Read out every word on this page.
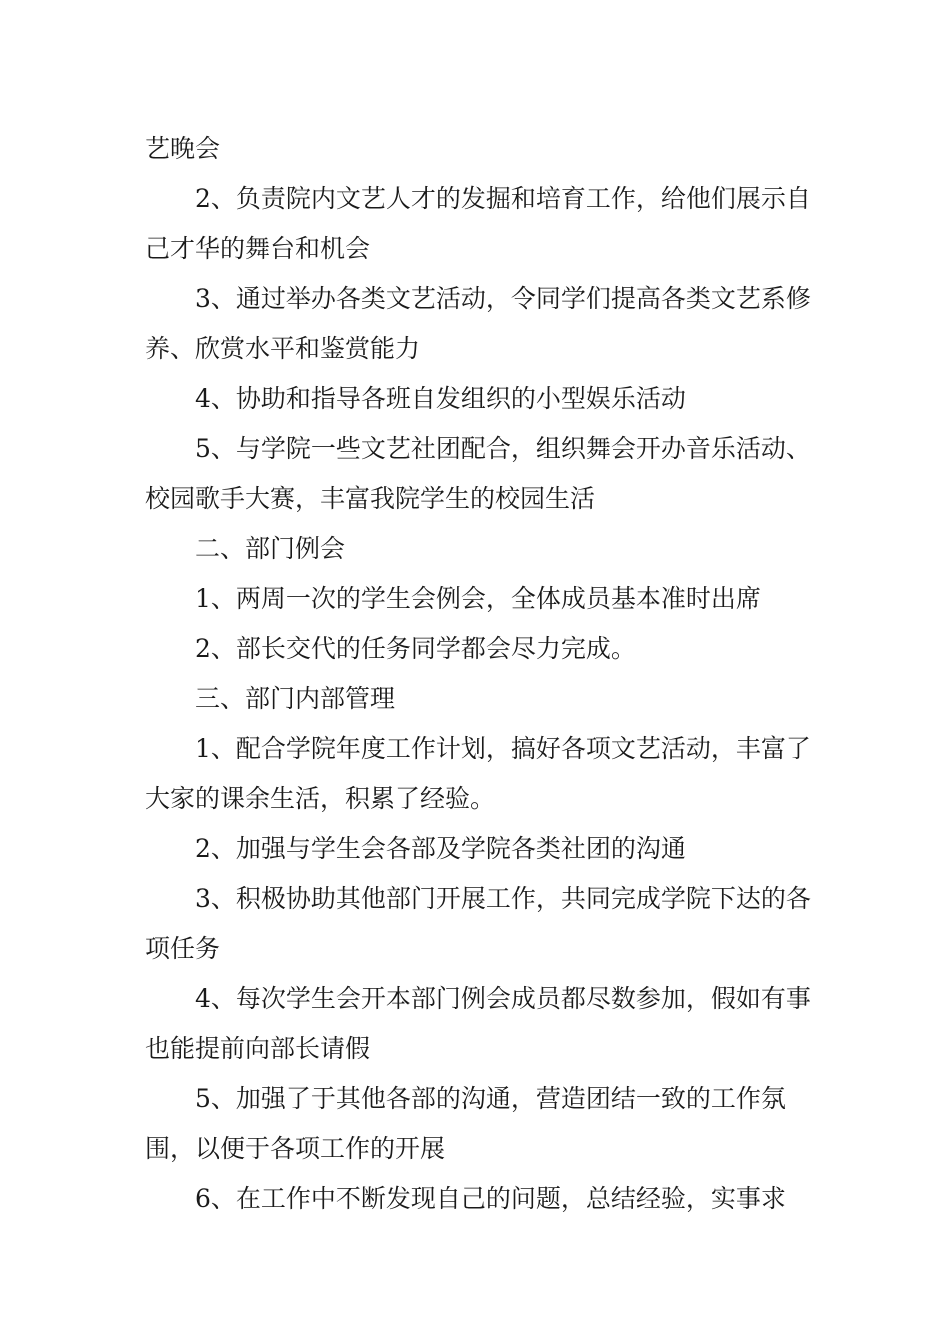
艺晚会

2、负责院内文艺人才的发掘和培育工作，给他们展示自己才华的舞台和机会

3、通过举办各类文艺活动，令同学们提高各类文艺系修养、欣赏水平和鉴赏能力

4、协助和指导各班自发组织的小型娱乐活动

5、与学院一些文艺社团配合，组织舞会开办音乐活动、校园歌手大赛，丰富我院学生的校园生活

二、部门例会

1、两周一次的学生会例会，全体成员基本准时出席

2、部长交代的任务同学都会尽力完成。

三、部门内部管理

1、配合学院年度工作计划，搞好各项文艺活动，丰富了大家的课余生活，积累了经验。

2、加强与学生会各部及学院各类社团的沟通

3、积极协助其他部门开展工作，共同完成学院下达的各项任务

4、每次学生会开本部门例会成员都尽数参加，假如有事也能提前向部长请假

5、加强了于其他各部的沟通，营造团结一致的工作氛围，以便于各项工作的开展

6、在工作中不断发现自己的问题，总结经验，实事求
